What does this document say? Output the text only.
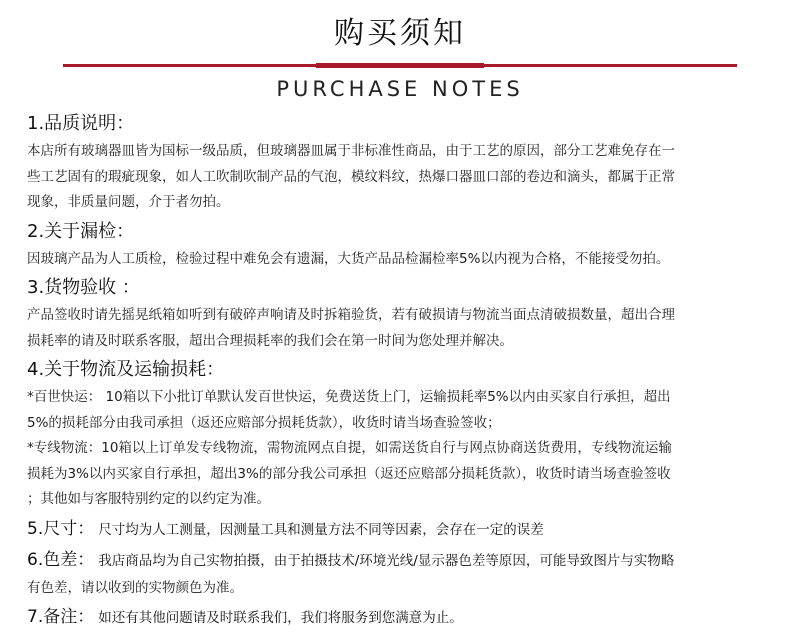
购买须知
PURCHASE NOTES
1.品质说明：
本店所有玻璃器皿皆为国标一级品质，但玻璃器皿属于非标准性商品，由于工艺的原因，部分工艺难免存在一
些工艺固有的瑕疵现象，如人工吹制吹制产品的气泡，模纹料纹，热爆口器皿口部的卷边和滴头，都属于正常
现象，非质量问题，介于者勿拍。
2.关于漏检：
因玻璃产品为人工质检，检验过程中难免会有遗漏，大货产品品检漏检率5%以内视为合格，不能接受勿拍。
3.货物验收 ：
产品签收时请先摇晃纸箱如听到有破碎声响请及时拆箱验货，若有破损请与物流当面点清破损数量，超出合理
损耗率的请及时联系客服，超出合理损耗率的我们会在第一时间为您处理并解决。
4.关于物流及运输损耗：
*百世快运： 10箱以下小批订单默认发百世快运，免费送货上门，运输损耗率5%以内由买家自行承担，超出
5%的损耗部分由我司承担（返还应赔部分损耗货款），收货时请当场查验签收；
*专线物流：10箱以上订单发专线物流，需物流网点自提，如需送货自行与网点协商送货费用，专线物流运输
损耗为3%以内买家自行承担，超出3%的部分我公司承担（返还应赔部分损耗货款），收货时请当场查验签收
；其他如与客服特别约定的以约定为准。
5.尺寸： 尺寸均为人工测量，因测量工具和测量方法不同等因素，会存在一定的误差
6.色差： 我店商品均为自己实物拍摄，由于拍摄技术/环境光线/显示器色差等原因，可能导致图片与实物略
有色差，请以收到的实物颜色为准。
7.备注： 如还有其他问题请及时联系我们，我们将服务到您满意为止。
